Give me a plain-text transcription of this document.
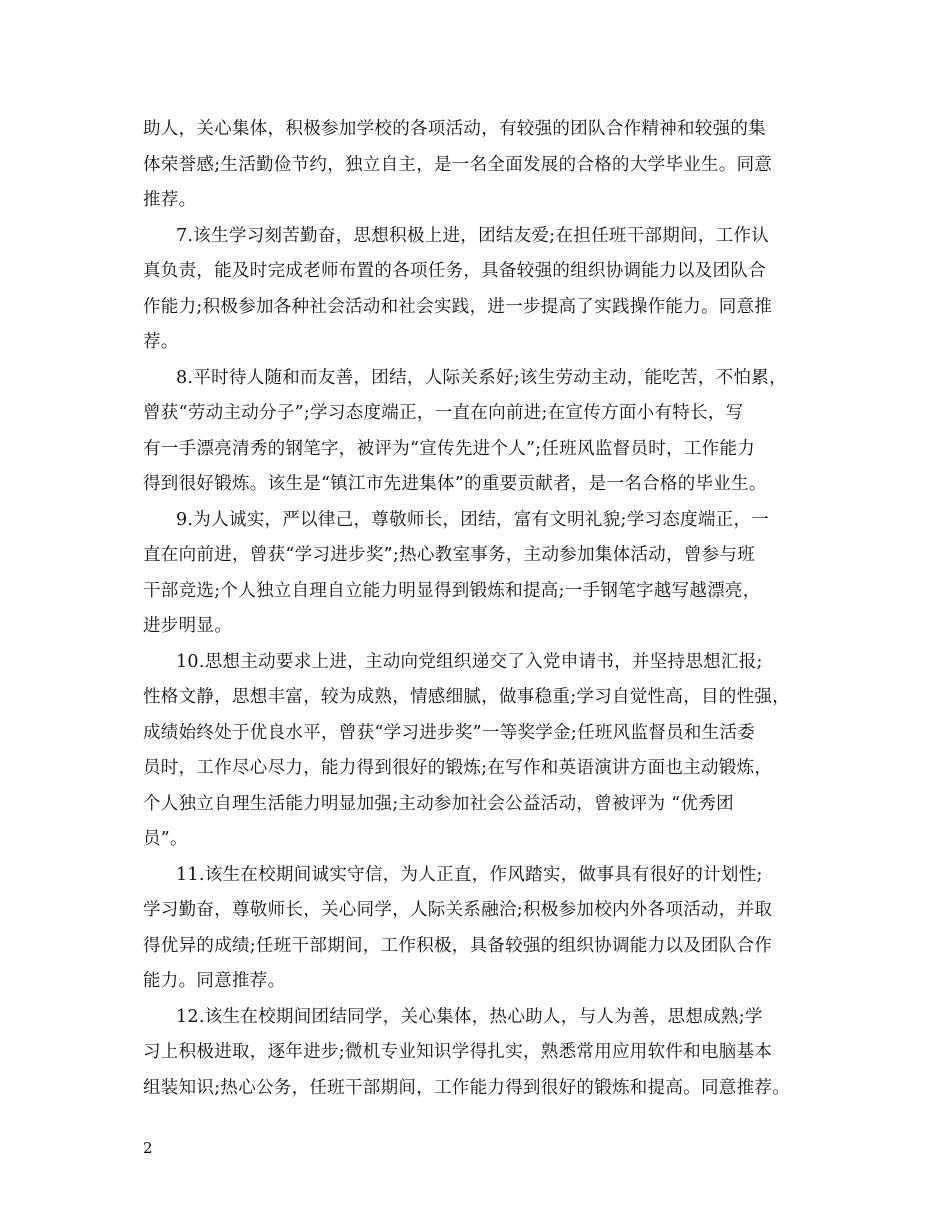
助人，关心集体，积极参加学校的各项活动，有较强的团队合作精神和较强的集
体荣誉感;生活勤俭节约，独立自主，是一名全面发展的合格的大学毕业生。同意
推荐。
7.该生学习刻苦勤奋，思想积极上进，团结友爱;在担任班干部期间，工作认
真负责，能及时完成老师布置的各项任务，具备较强的组织协调能力以及团队合
作能力;积极参加各种社会活动和社会实践，进一步提高了实践操作能力。同意推
荐。
8.平时待人随和而友善，团结，人际关系好;该生劳动主动，能吃苦，不怕累，
曾获“劳动主动分子”;学习态度端正，一直在向前进;在宣传方面小有特长，写
有一手漂亮清秀的钢笔字，被评为“宣传先进个人”;任班风监督员时，工作能力
得到很好锻炼。该生是“镇江市先进集体”的重要贡献者，是一名合格的毕业生。
9.为人诚实，严以律己，尊敬师长，团结，富有文明礼貌;学习态度端正，一
直在向前进，曾获“学习进步奖”;热心教室事务，主动参加集体活动，曾参与班
干部竞选;个人独立自理自立能力明显得到锻炼和提高;一手钢笔字越写越漂亮，
进步明显。
10.思想主动要求上进，主动向党组织递交了入党申请书，并坚持思想汇报;
性格文静，思想丰富，较为成熟，情感细腻，做事稳重;学习自觉性高，目的性强，
成绩始终处于优良水平，曾获“学习进步奖”一等奖学金;任班风监督员和生活委
员时，工作尽心尽力，能力得到很好的锻炼;在写作和英语演讲方面也主动锻炼，
个人独立自理生活能力明显加强;主动参加社会公益活动，曾被评为 “优秀团
员”。
11.该生在校期间诚实守信，为人正直，作风踏实，做事具有很好的计划性;
学习勤奋，尊敬师长，关心同学，人际关系融洽;积极参加校内外各项活动，并取
得优异的成绩;任班干部期间，工作积极，具备较强的组织协调能力以及团队合作
能力。同意推荐。
12.该生在校期间团结同学，关心集体，热心助人，与人为善，思想成熟;学
习上积极进取，逐年进步;微机专业知识学得扎实，熟悉常用应用软件和电脑基本
组装知识;热心公务，任班干部期间，工作能力得到很好的锻炼和提高。同意推荐。
2
